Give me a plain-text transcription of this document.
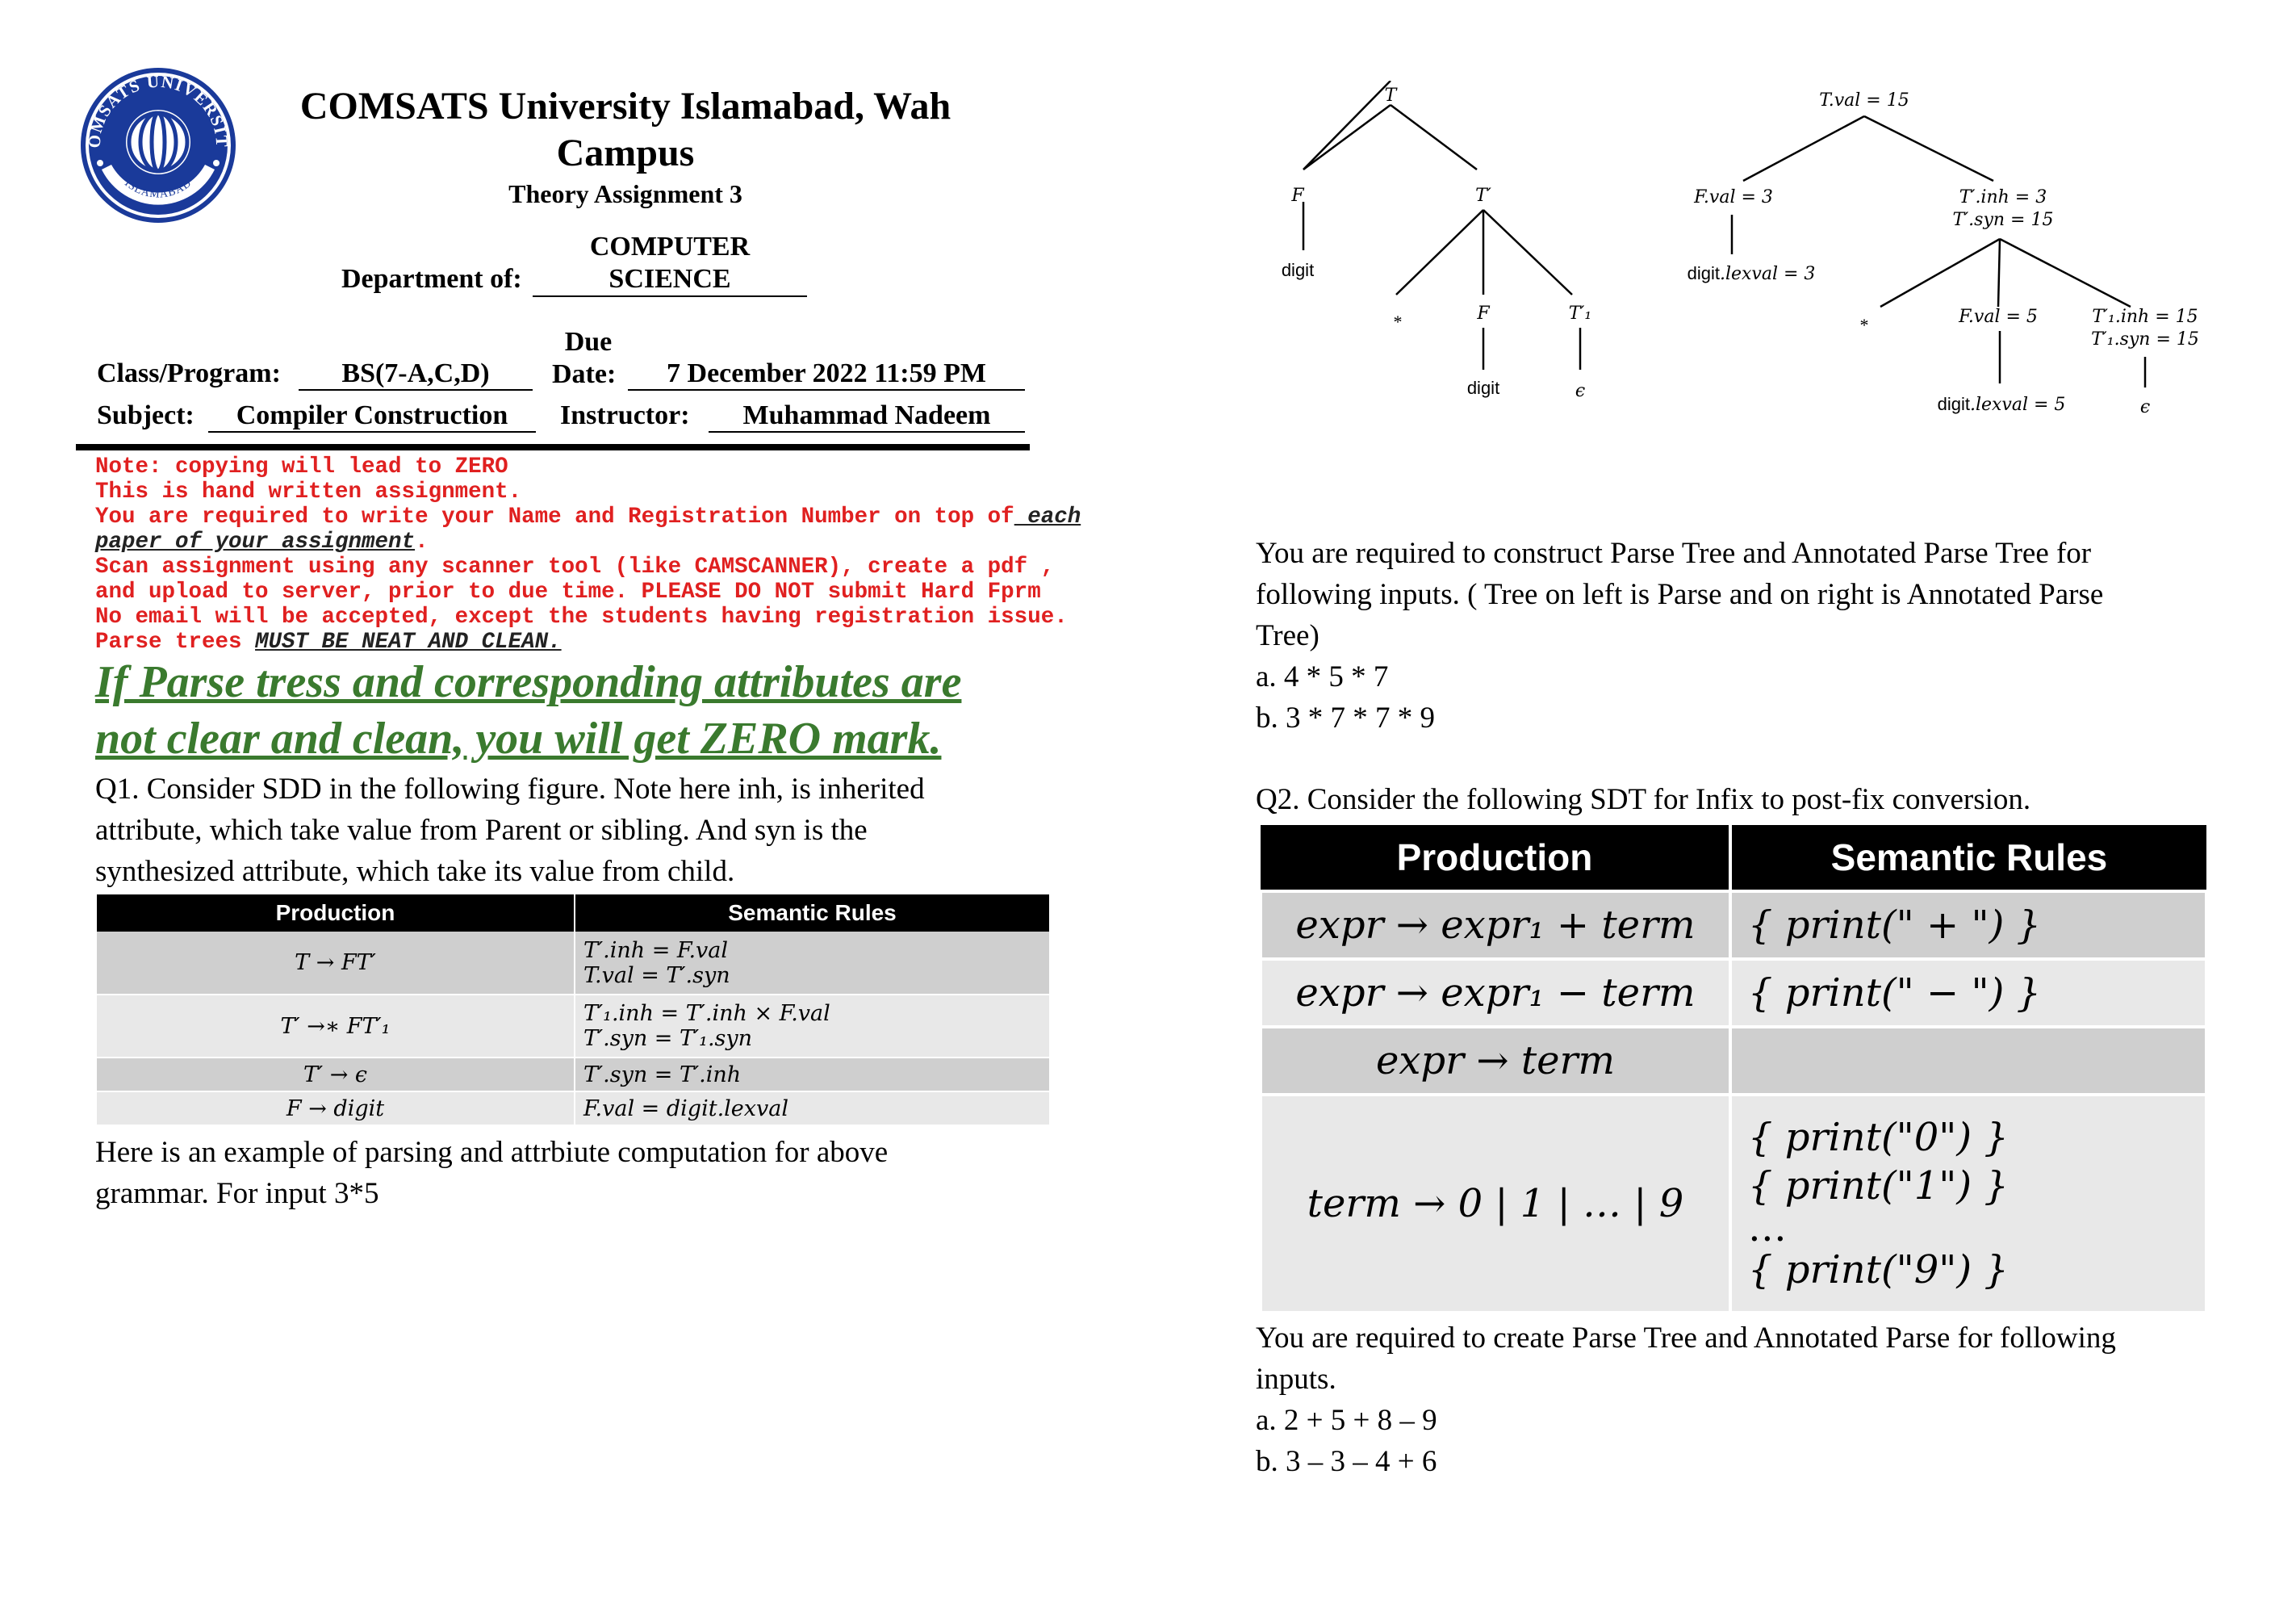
OMSATS UNIVERSIT
ISLAMABAD
COMSATS University Islamabad, Wah
Campus
Theory Assignment 3
Department of:
COMPUTER
SCIENCE
Class/Program:	BS(7-A,C,D)
Due
Date:	7 December 2022 11:59 PM
Subject:	Compiler Construction	Instructor:	Muhammad Nadeem
Note: copying will lead to ZERO
This is hand written assignment.
You are required to write your Name and Registration Number on top of each
paper of your assignment.
Scan assignment using any scanner tool (like CAMSCANNER), create a pdf ,
and upload to server, prior to due time. PLEASE DO NOT submit Hard Fprm
No email will be accepted, except the students having registration issue.
Parse trees MUST BE NEAT AND CLEAN.
If Parse tress and corresponding attributes are
not clear and clean, you will get ZERO mark.
Q1. Consider SDD in the following figure. Note here inh, is inherited
attribute, which take value from Parent or sibling. And syn is the
synthesized attribute, which take its value from child.
Production	Semantic Rules
T → FT′	T′.inh = F.val
T.val = T′.syn

T′ →∗ FT′₁	T′₁.inh = T′.inh × F.val
T′.syn = T′₁.syn

T′ → ϵ	T′.syn = T′.inh

F → digit	F.val = digit.lexval
Here is an example of parsing and attrbiute computation for above
grammar. For input 3*5
T
F	T′
digit
*	F	T′₁
digit	ϵ
T.val = 15
F.val = 3	T′.inh = 3
T′.syn = 15
digit.lexval = 3
*	F.val = 5	T′₁.inh = 15
T′₁.syn = 15
digit.lexval = 5	ϵ
You are required to construct Parse Tree and Annotated Parse Tree for
following inputs. ( Tree on left is Parse and on right is Annotated Parse
Tree)
a. 4 * 5 * 7
b. 3 * 7 * 7 * 9
Q2. Consider the following SDT for Infix to post-fix conversion.
Production	Semantic Rules
expr → expr₁ + term	{ print(" + ") }
expr → expr₁ − term	{ print(" − ") }
expr → term	
term → 0 | 1 | … | 9	{ print("0") }
{ print("1") }
…
{ print("9") }
You are required to create Parse Tree and Annotated Parse for following
inputs.
a. 2 + 5 + 8 – 9
b. 3 – 3 – 4 + 6
